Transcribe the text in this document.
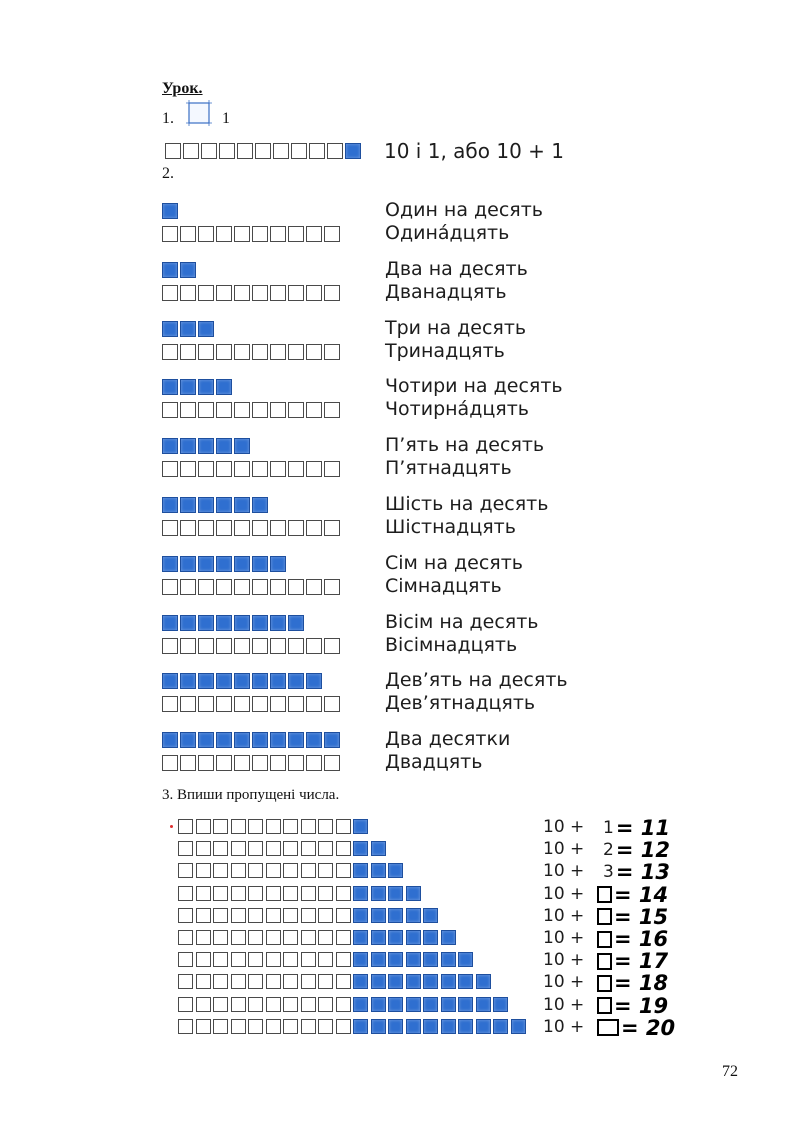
Урок.
1.	1
10 і 1, або 10 + 1
2.
Один на десять
Одина́дцять
Два на десять
Дванадцять
Три на десять
Тринадцять
Чотири на десять
Чотирна́дцять
П’ять на десять
П’ятнадцять
Шість на десять
Шістнадцять
Сім на десять
Сімнадцять
Вісім на десять
Вісімнадцять
Дев’ять на десять
Дев’ятнадцять
Два десятки
Двадцять
3. Впиши пропущені числа.
10 + 1 = 11
10 + 2 = 12
10 + 3 = 13
10 + = 14
10 + = 15
10 + = 16
10 + = 17
10 + = 18
10 + = 19
10 + = 20
72
